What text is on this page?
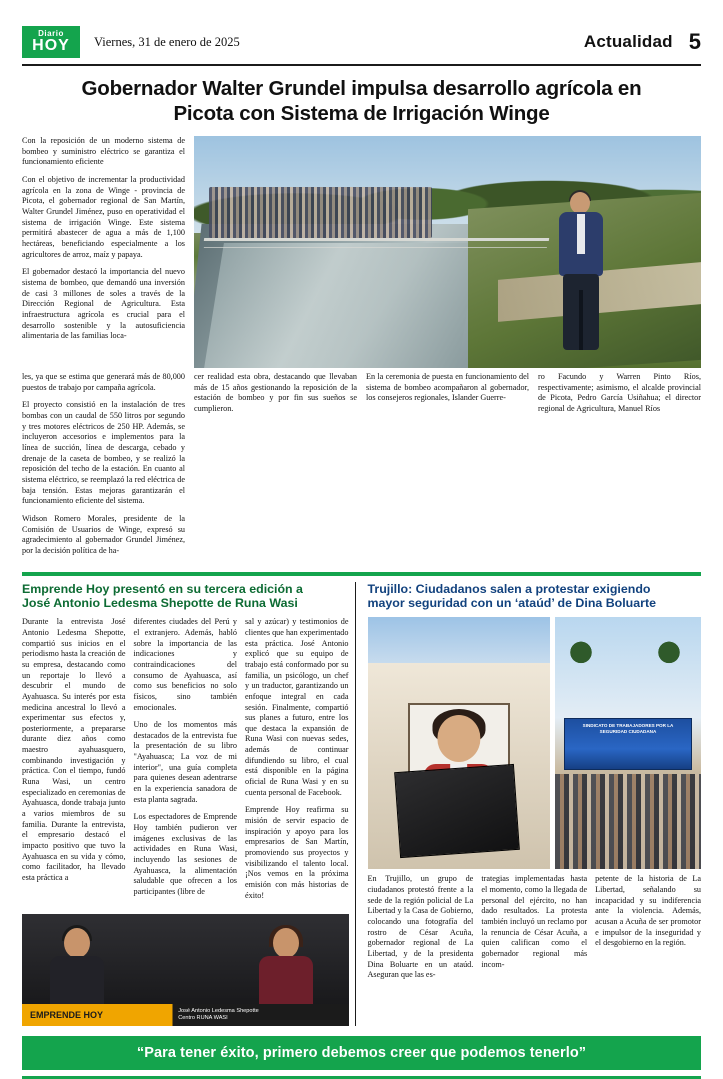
Diario
HOY Viernes, 31 de enero de 2025	Actualidad 5
Gobernador Walter Grundel impulsa desarrollo agrícola en
Picota con Sistema de Irrigación Winge

Con la reposición de un moderno sistema de bombeo y suministro eléctrico se garantiza el funcionamiento eficiente

Con el objetivo de incrementar la productividad agrícola en la zona de Winge - provincia de Picota, el gobernador regional de San Martín, Walter Grundel Jiménez, puso en operatividad el sistema de irrigación Winge. Este sistema permitirá abastecer de agua a más de 1,100 hectáreas, beneficiando especialmente a los agricultores de arroz, maíz y papaya.

El gobernador destacó la importancia del nuevo sistema de bombeo, que demandó una inversión de casi 3 millones de soles a través de la Dirección Regional de Agricultura. Esta infraestructura agrícola es crucial para el desarrollo sostenible y la autosuficiencia alimentaria de las familias loca-

les, ya que se estima que generará más de 80,000 puestos de trabajo por campaña agrícola.

El proyecto consistió en la instalación de tres bombas con un caudal de 550 litros por segundo y tres motores eléctricos de 250 HP. Además, se incluyeron accesorios e implementos para la línea de succión, línea de descarga, cebado y drenaje de la caseta de bombeo, y se realizó la reposición del techo de la estación. En cuanto al sistema eléctrico, se reemplazó la red eléctrica de baja tensión. Estas mejoras garantizarán el funcionamiento eficiente del sistema.

Widson Romero Morales, presidente de la Comisión de Usuarios de Winge, expresó su agradecimiento al gobernador Grundel Jiménez, por la decisión política de ha-

cer realidad esta obra, destacando que llevaban más de 15 años gestionando la reposición de la estación de bombeo y por fin sus sueños se cumplieron.

En la ceremonia de puesta en funcionamiento del sistema de bombeo acompañaron al gobernador, los consejeros regionales, Islander Guerre-

ro Facundo y Warren Pinto Ríos, respectivamente; asimismo, el alcalde provincial de Picota, Pedro García Usiñahua; el director regional de Agricultura, Manuel Ríos

Emprende Hoy presentó en su tercera edición a
José Antonio Ledesma Shepotte de Runa Wasi

Durante la entrevista José Antonio Ledesma Shepotte, compartió sus inicios en el periodismo hasta la creación de su empresa, destacando como un reportaje lo llevó a descubrir el mundo de Ayahuasca. Su interés por esta medicina ancestral lo llevó a experimentar sus efectos y, posteriormente, a prepararse durante diez años como maestro ayahuasquero, combinando investigación y práctica. Con el tiempo, fundó Runa Wasi, un centro especializado en ceremonias de Ayahuasca, donde trabaja junto a varios miembros de su familia. Durante la entrevista, el empresario destacó el impacto positivo que tuvo la Ayahuasca en su vida y cómo, como facilitador, ha llevado esta práctica a

diferentes ciudades del Perú y el extranjero. Además, habló sobre la importancia de las indicaciones y contraindicaciones del consumo de Ayahuasca, así como sus beneficios no solo físicos, sino también emocionales.

Uno de los momentos más destacados de la entrevista fue la presentación de su libro "Ayahuasca; La voz de mi interior", una guía completa para quienes desean adentrarse en la experiencia sanadora de esta planta sagrada.

Los espectadores de Emprende Hoy también pudieron ver imágenes exclusivas de las actividades en Runa Wasi, incluyendo las sesiones de Ayahuasca, la alimentación saludable que ofrecen a los participantes (libre de

sal y azúcar) y testimonios de clientes que han experimentado esta práctica. José Antonio explicó que su equipo de trabajo está conformado por su familia, un psicólogo, un chef y un traductor, garantizando un enfoque integral en cada sesión. Finalmente, compartió sus planes a futuro, entre los que destaca la expansión de Runa Wasi con nuevas sedes, además de continuar difundiendo su libro, el cual está disponible en la página oficial de Runa Wasi y en su cuenta personal de Facebook.

Emprende Hoy reafirma su misión de servir espacio de inspiración y apoyo para los empresarios de San Martín, promoviendo sus proyectos y visibilizando el talento local. ¡Nos vemos en la próxima emisión con más historias de éxito!

EMPRENDE HOY	José Antonio Ledesma Shepotte
Centro RUNA WASI
Trujillo: Ciudadanos salen a protestar exigiendo
mayor seguridad con un ‘ataúd’ de Dina Boluarte
SINDICATO DE TRABAJADORES POR LA SEGURIDAD CIUDADANA

En Trujillo, un grupo de ciudadanos protestó frente a la sede de la región policial de La Libertad y la Casa de Gobierno, colocando una fotografía del rostro de César Acuña, gobernador regional de La Libertad, y de la presidenta Dina Boluarte en un ataúd. Aseguran que las es-

trategias implementadas hasta el momento, como la llegada de personal del ejército, no han dado resultados. La protesta también incluyó un reclamo por la renuncia de César Acuña, a quien califican como el gobernador regional más incom-

petente de la historia de La Libertad, señalando su incapacidad y su indiferencia ante la violencia. Además, acusan a Acuña de ser promotor e impulsor de la inseguridad y el desgobierno en la región.

“Para tener éxito, primero debemos creer que podemos tenerlo”
